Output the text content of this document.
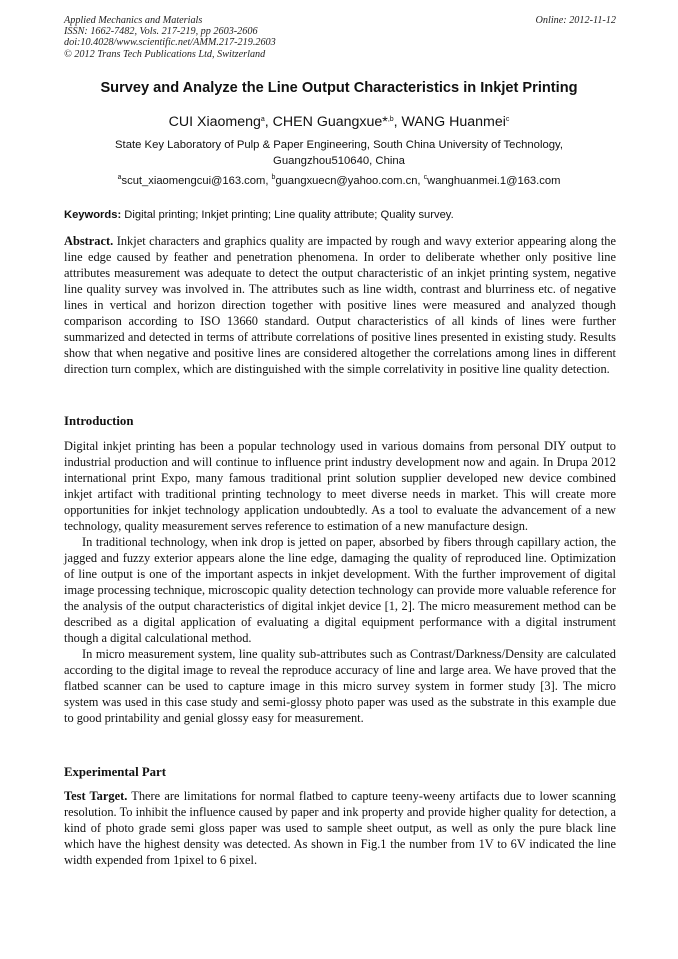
Applied Mechanics and Materials
ISSN: 1662-7482, Vols. 217-219, pp 2603-2606
doi:10.4028/www.scientific.net/AMM.217-219.2603
© 2012 Trans Tech Publications Ltd, Switzerland
Online: 2012-11-12
Survey and Analyze the Line Output Characteristics in Inkjet Printing
CUI Xiaomeng$^a$, CHEN Guangxue*$^{,b}$, WANG Huanmei$^c$
State Key Laboratory of Pulp & Paper Engineering, South China University of Technology,
Guangzhou510640, China
$^a$scut_xiaomengcui@163.com, $^b$guangxuecn@yahoo.com.cn, $^c$wanghuanmei.1@163.com
Keywords: Digital printing; Inkjet printing; Line quality attribute; Quality survey.

Abstract. Inkjet characters and graphics quality are impacted by rough and wavy exterior appearing along the line edge caused by feather and penetration phenomena. In order to deliberate whether only positive line attributes measurement was adequate to detect the output characteristic of an inkjet printing system, negative line quality survey was involved in. The attributes such as line width, contrast and blurriness etc. of negative lines in vertical and horizon direction together with positive lines were measured and analyzed though comparison according to ISO 13660 standard. Output characteristics of all kinds of lines were further summarized and detected in terms of attribute correlations of positive lines presented in existing study. Results show that when negative and positive lines are considered altogether the correlations among lines in different direction turn complex, which are distinguished with the simple correlativity in positive line quality detection.

Introduction

Digital inkjet printing has been a popular technology used in various domains from personal DIY output to industrial production and will continue to influence print industry development now and again. In Drupa 2012 international print Expo, many famous traditional print solution supplier developed new device combined inkjet artifact with traditional printing technology to meet diverse needs in market. This will create more opportunities for inkjet technology application undoubtedly. As a tool to evaluate the advancement of a new technology, quality measurement serves reference to estimation of a new manufacture design.

In traditional technology, when ink drop is jetted on paper, absorbed by fibers through capillary action, the jagged and fuzzy exterior appears alone the line edge, damaging the quality of reproduced line. Optimization of line output is one of the important aspects in inkjet development. With the further improvement of digital image processing technique, microscopic quality detection technology can provide more valuable reference for the analysis of the output characteristics of digital inkjet device [1, 2]. The micro measurement method can be described as a digital application of evaluating a digital equipment performance with a digital instrument though a digital calculational method.

In micro measurement system, line quality sub-attributes such as Contrast/Darkness/Density are calculated according to the digital image to reveal the reproduce accuracy of line and large area. We have proved that the flatbed scanner can be used to capture image in this micro survey system in former study [3]. The micro system was used in this case study and semi-glossy photo paper was used as the substrate in this example due to good printability and genial glossy easy for measurement.

Experimental Part

Test Target. There are limitations for normal flatbed to capture teeny-weeny artifacts due to lower scanning resolution. To inhibit the influence caused by paper and ink property and provide higher quality for detection, a kind of photo grade semi gloss paper was used to sample sheet output, as well as only the pure black line which have the highest density was detected. As shown in Fig.1 the number from 1V to 6V indicated the line width expended from 1pixel to 6 pixel.
